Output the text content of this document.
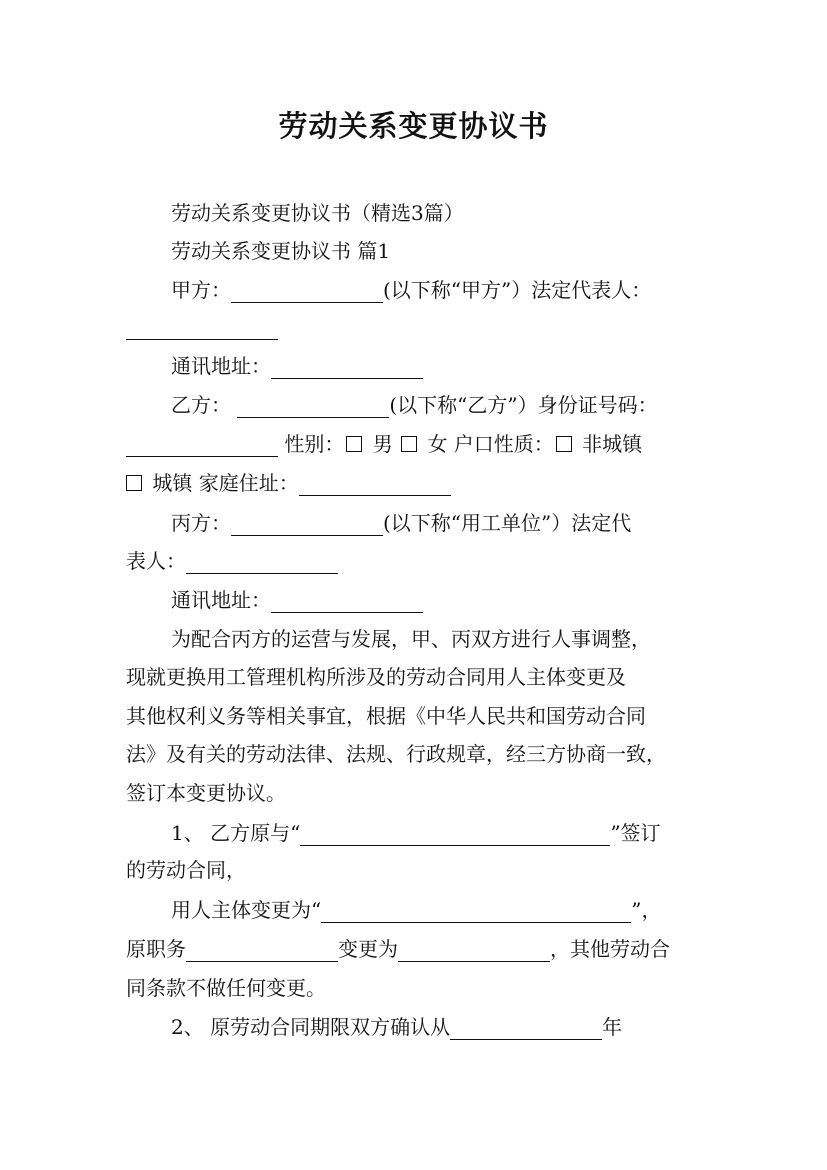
劳动关系变更协议书
劳动关系变更协议书（精选3篇）
劳动关系变更协议书 篇1
甲方：	(以下称“甲方”）法定代表人：
通讯地址：
乙方：	(以下称“乙方”）身份证号码：
性别： 男 女 户口性质： 非城镇
城镇 家庭住址：
丙方：	(以下称“用工单位”）法定代
表人：
通讯地址：
为配合丙方的运营与发展，甲、丙双方进行人事调整，
现就更换用工管理机构所涉及的劳动合同用人主体变更及
其他权利义务等相关事宜，根据《中华人民共和国劳动合同
法》及有关的劳动法律、法规、行政规章，经三方协商一致，
签订本变更协议。
1、 乙方原与“	”签订
的劳动合同，
用人主体变更为“	”，
原职务	变更为	，其他劳动合
同条款不做任何变更。
2、 原劳动合同期限双方确认从	年
